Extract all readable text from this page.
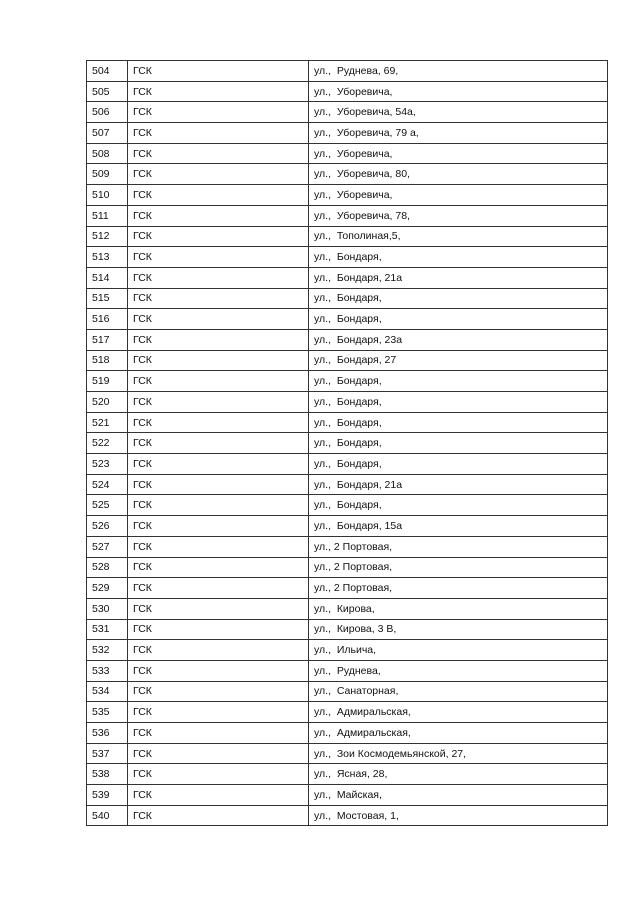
504	ГСК	ул.,  Руднева, 69,
505	ГСК	ул.,  Уборевича,
506	ГСК	ул.,  Уборевича, 54а,
507	ГСК	ул.,  Уборевича, 79 а,
508	ГСК	ул.,  Уборевича,
509	ГСК	ул.,  Уборевича, 80,
510	ГСК	ул.,  Уборевича,
511	ГСК	ул.,  Уборевича, 78,
512	ГСК	ул.,  Тополиная,5,
513	ГСК	ул.,  Бондаря,
514	ГСК	ул.,  Бондаря, 21а
515	ГСК	ул.,  Бондаря,
516	ГСК	ул.,  Бондаря,
517	ГСК	ул.,  Бондаря, 23а
518	ГСК	ул.,  Бондаря, 27
519	ГСК	ул.,  Бондаря,
520	ГСК	ул.,  Бондаря,
521	ГСК	ул.,  Бондаря,
522	ГСК	ул.,  Бондаря,
523	ГСК	ул.,  Бондаря,
524	ГСК	ул.,  Бондаря, 21а
525	ГСК	ул.,  Бондаря,
526	ГСК	ул.,  Бондаря, 15а
527	ГСК	ул., 2 Портовая,
528	ГСК	ул., 2 Портовая,
529	ГСК	ул., 2 Портовая,
530	ГСК	ул.,  Кирова,
531	ГСК	ул.,  Кирова, 3 В,
532	ГСК	ул.,  Ильича,
533	ГСК	ул.,  Руднева,
534	ГСК	ул.,  Санаторная,
535	ГСК	ул.,  Адмиральская,
536	ГСК	ул.,  Адмиральская,
537	ГСК	ул.,  Зои Космодемьянской, 27,
538	ГСК	ул.,  Ясная, 28,
539	ГСК	ул.,  Майская,
540	ГСК	ул.,  Мостовая, 1,
